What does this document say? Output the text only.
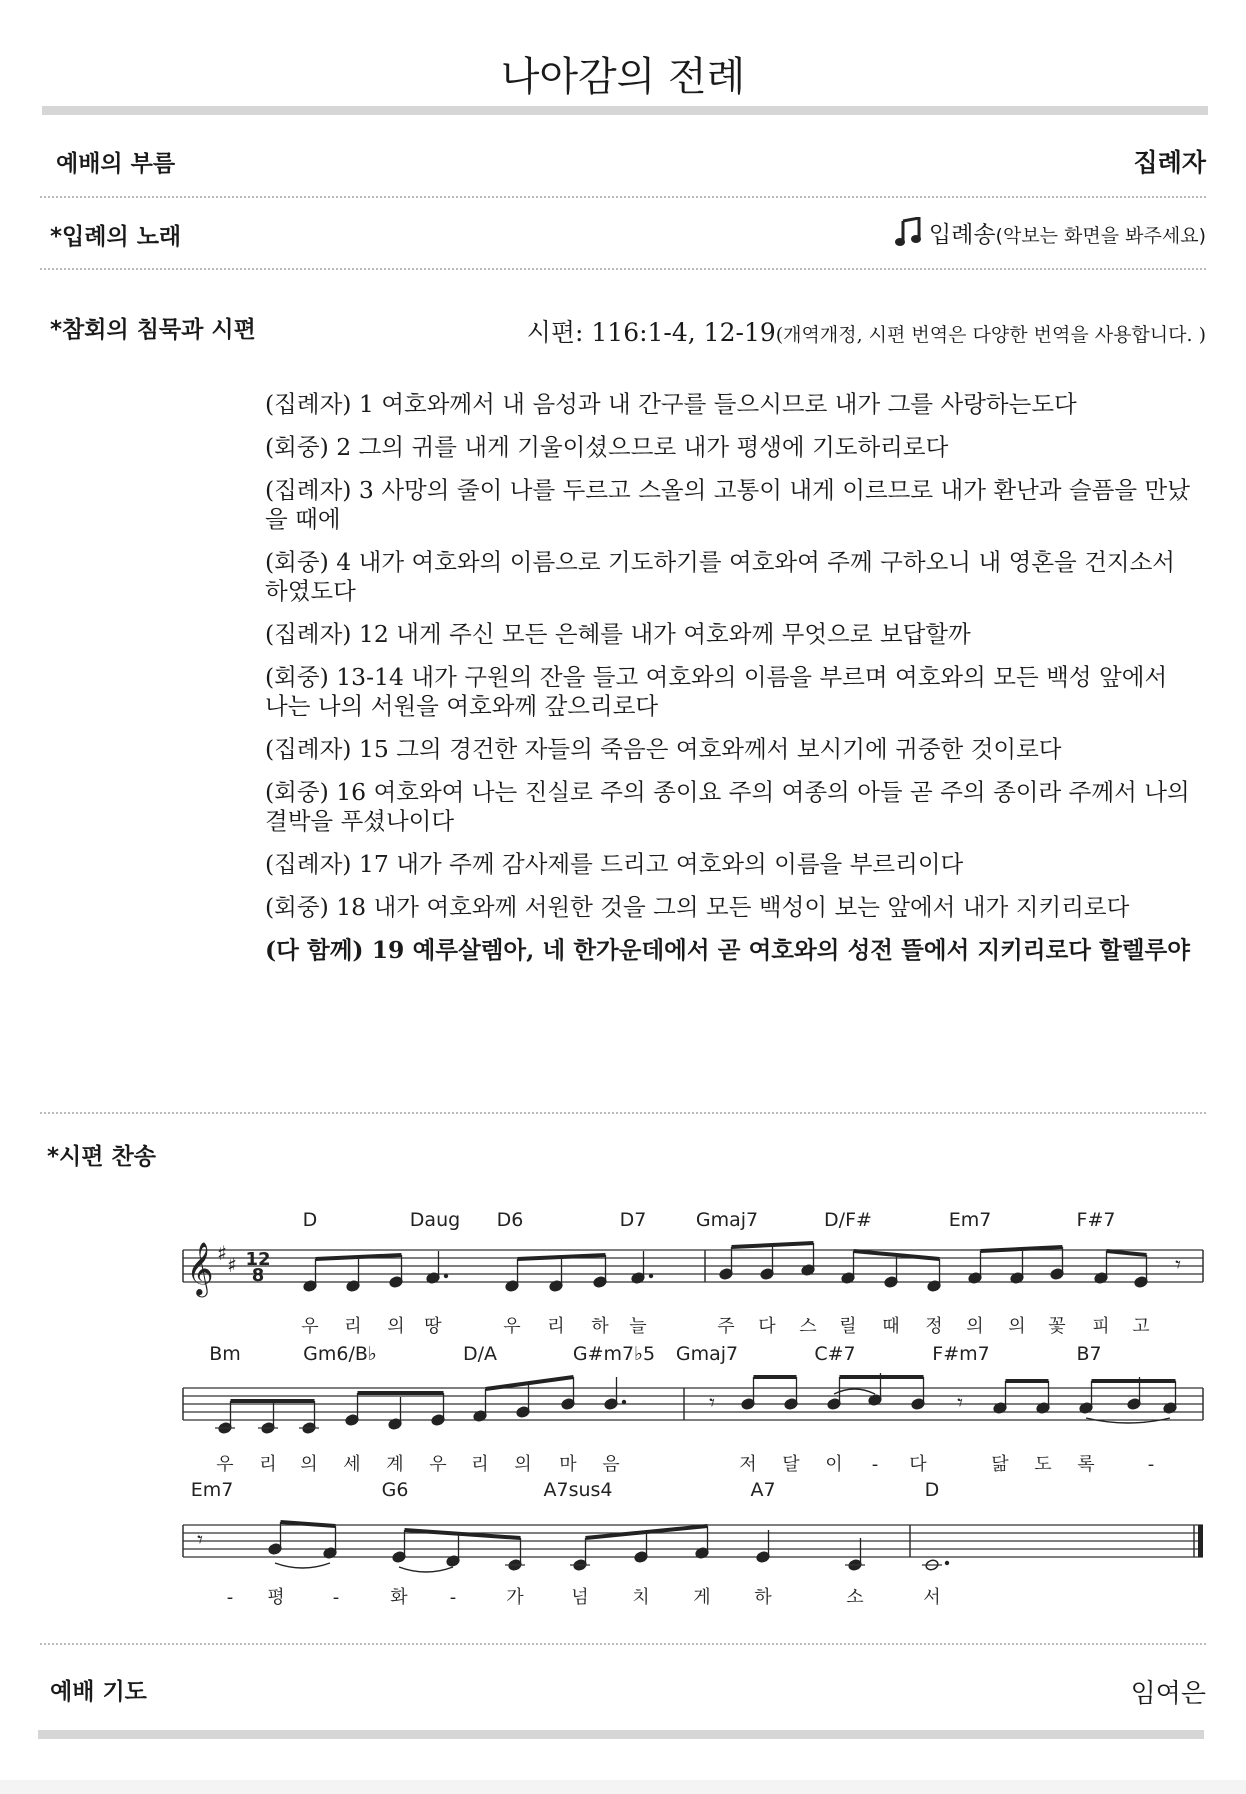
나아감의 전례
예배의 부름	집례자
*입례의 노래	입례송(악보는 화면을 봐주세요)
*참회의 침묵과 시편	시편: 116:1-4, 12-19(개역개정, 시편 번역은 다양한 번역을 사용합니다. )
(집례자) 1 여호와께서 내 음성과 내 간구를 들으시므로 내가 그를 사랑하는도다
(회중) 2 그의 귀를 내게 기울이셨으므로 내가 평생에 기도하리로다
(집례자) 3 사망의 줄이 나를 두르고 스올의 고통이 내게 이르므로 내가 환난과 슬픔을 만났을 때에
(회중) 4 내가 여호와의 이름으로 기도하기를 여호와여 주께 구하오니 내 영혼을 건지소서 하였도다
(집례자) 12 내게 주신 모든 은혜를 내가 여호와께 무엇으로 보답할까
(회중) 13-14 내가 구원의 잔을 들고 여호와의 이름을 부르며 여호와의 모든 백성 앞에서 나는 나의 서원을 여호와께 갚으리로다
(집례자) 15 그의 경건한 자들의 죽음은 여호와께서 보시기에 귀중한 것이로다
(회중) 16 여호와여 나는 진실로 주의 종이요 주의 여종의 아들 곧 주의 종이라 주께서 나의 결박을 푸셨나이다
(집례자) 17 내가 주께 감사제를 드리고 여호와의 이름을 부르리이다
(회중) 18 내가 여호와께 서원한 것을 그의 모든 백성이 보는 앞에서 내가 지키리로다
(다 함께) 19 예루살렘아, 네 한가운데에서 곧 여호와의 성전 뜰에서 지키리로다 할렐루야
*시편 찬송
D	Daug D6	D7	Gmaj7	D/F#	Em7	F#7
우 리 의 땅	우 리 하 늘	주 다 스 릴 때 정 의 의 꽃 피 고
Bm	Gm6/B♭	D/A	G#m7♭5 Gmaj7	C#7	F#m7	B7
우 리 의 세 계 우 리 의 마 음	저 달 이 - 다	닮 도 록	-
Em7	G6	A7sus4	A7	D
- 평	-	화 -	가	넘 치 게 하	소	서
𝄞 ♯ ♯ 12
8	𝄾
𝄾	𝄾
𝄾
예배 기도	임여은
